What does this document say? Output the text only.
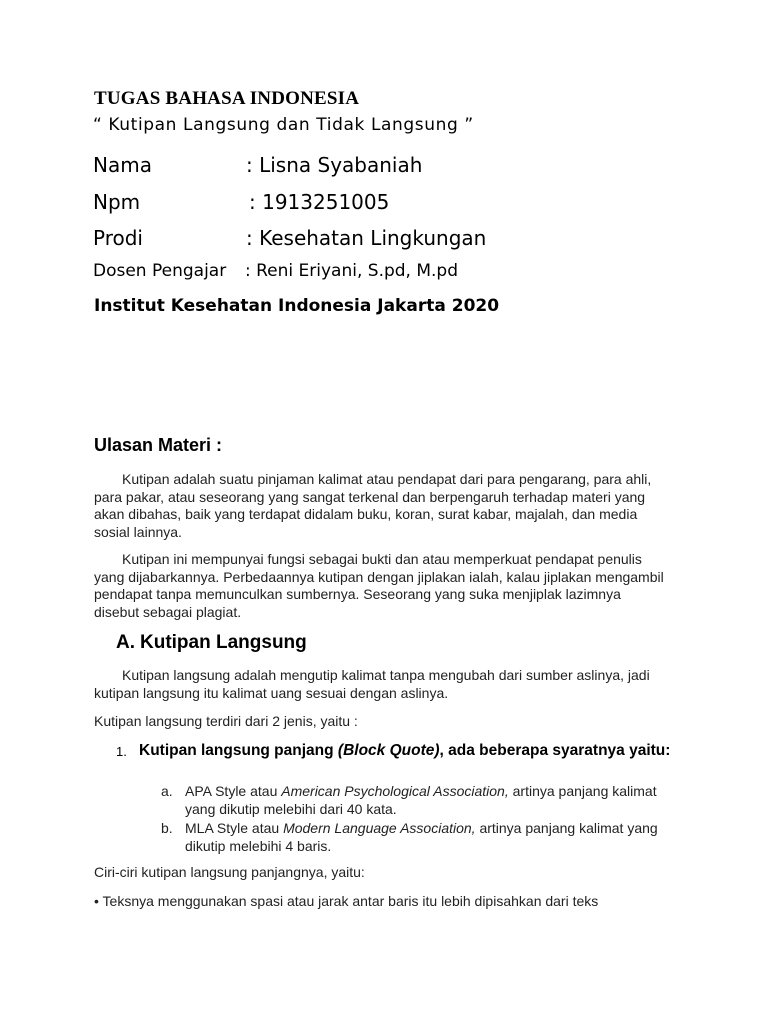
TUGAS BAHASA INDONESIA
“ Kutipan Langsung dan Tidak Langsung ”
Nama	: Lisna Syabaniah
Npm	: 1913251005
Prodi	: Kesehatan Lingkungan
Dosen Pengajar : Reni Eriyani, S.pd, M.pd
Institut Kesehatan Indonesia Jakarta 2020
Ulasan Materi :
Kutipan adalah suatu pinjaman kalimat atau pendapat dari para pengarang, para ahli, para pakar, atau seseorang yang sangat terkenal dan berpengaruh terhadap materi yang akan dibahas, baik yang terdapat didalam buku, koran, surat kabar, majalah, dan media sosial lainnya.
Kutipan ini mempunyai fungsi sebagai bukti dan atau memperkuat pendapat penulis yang dijabarkannya. Perbedaannya kutipan dengan jiplakan ialah, kalau jiplakan mengambil pendapat tanpa memunculkan sumbernya. Seseorang yang suka menjiplak lazimnya disebut sebagai plagiat.
A. Kutipan Langsung
Kutipan langsung adalah mengutip kalimat tanpa mengubah dari sumber aslinya, jadi kutipan langsung itu kalimat uang sesuai dengan aslinya.
Kutipan langsung terdiri dari 2 jenis, yaitu :
1. Kutipan langsung panjang (Block Quote), ada beberapa syaratnya yaitu:
a. APA Style atau American Psychological Association, artinya panjang kalimat yang dikutip melebihi dari 40 kata.
b. MLA Style atau Modern Language Association, artinya panjang kalimat yang dikutip melebihi 4 baris.
Ciri-ciri kutipan langsung panjangnya, yaitu:
• Teksnya menggunakan spasi atau jarak antar baris itu lebih dipisahkan dari teks
